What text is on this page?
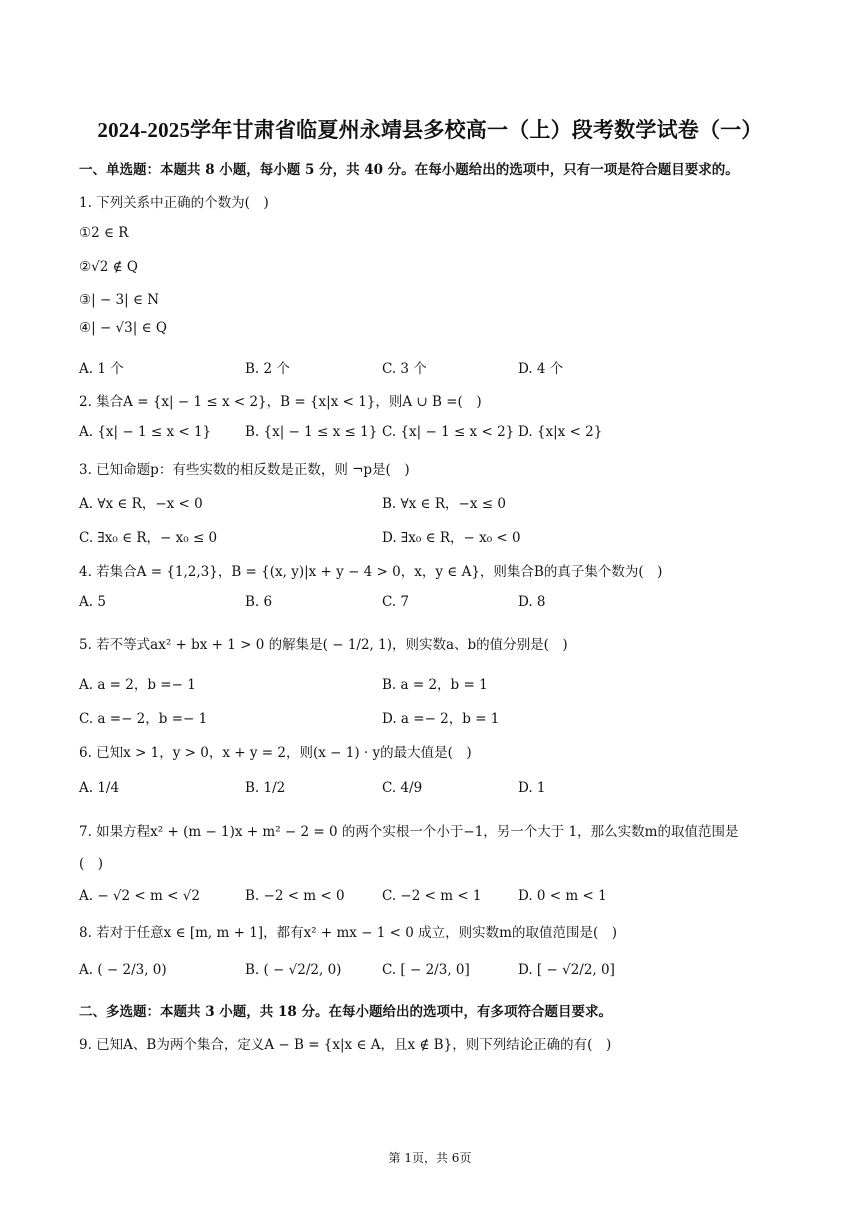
2024-2025学年甘肃省临夏州永靖县多校高一（上）段考数学试卷（一）
一、单选题：本题共 8 小题，每小题 5 分，共 40 分。在每小题给出的选项中，只有一项是符合题目要求的。
1. 下列关系中正确的个数为(　)
①2 ∈ R
②√2 ∉ Q
③| − 3| ∈ N
④| − √3| ∈ Q
A. 1 个	B. 2 个	C. 3 个	D. 4 个
2. 集合A = {x| − 1 ≤ x < 2}，B = {x|x < 1}，则A ∪ B =(　)
A. {x| − 1 ≤ x < 1}	B. {x| − 1 ≤ x ≤ 1} C. {x| − 1 ≤ x < 2} D. {x|x < 2}
3. 已知命题p：有些实数的相反数是正数，则 ¬p是(　)
A. ∀x ∈ R，−x < 0	B. ∀x ∈ R，−x ≤ 0
C. ∃x₀ ∈ R，− x₀ ≤ 0	D. ∃x₀ ∈ R，− x₀ < 0
4. 若集合A = {1,2,3}，B = {(x, y)|x + y − 4 > 0，x，y ∈ A}，则集合B的真子集个数为(　)
A. 5	B. 6	C. 7	D. 8
5. 若不等式ax² + bx + 1 > 0 的解集是( − 1/2, 1)，则实数a、b的值分别是(　)
A. a = 2，b =− 1	B. a = 2，b = 1
C. a =− 2，b =− 1	D. a =− 2，b = 1
6. 已知x > 1，y > 0，x + y = 2，则(x − 1) · y的最大值是(　)
A. 1/4	B. 1/2	C. 4/9	D. 1
7. 如果方程x² + (m − 1)x + m² − 2 = 0 的两个实根一个小于−1，另一个大于 1，那么实数m的取值范围是
(　)
A. − √2 < m < √2	B. −2 < m < 0	C. −2 < m < 1	D. 0 < m < 1
8. 若对于任意x ∈ [m, m + 1]，都有x² + mx − 1 < 0 成立，则实数m的取值范围是(　)
A. ( − 2/3, 0)	B. ( − √2/2, 0)	C. [ − 2/3, 0]	D. [ − √2/2, 0]
二、多选题：本题共 3 小题，共 18 分。在每小题给出的选项中，有多项符合题目要求。
9. 已知A、B为两个集合，定义A − B = {x|x ∈ A，且x ∉ B}，则下列结论正确的有(　)
第 1页，共 6页
